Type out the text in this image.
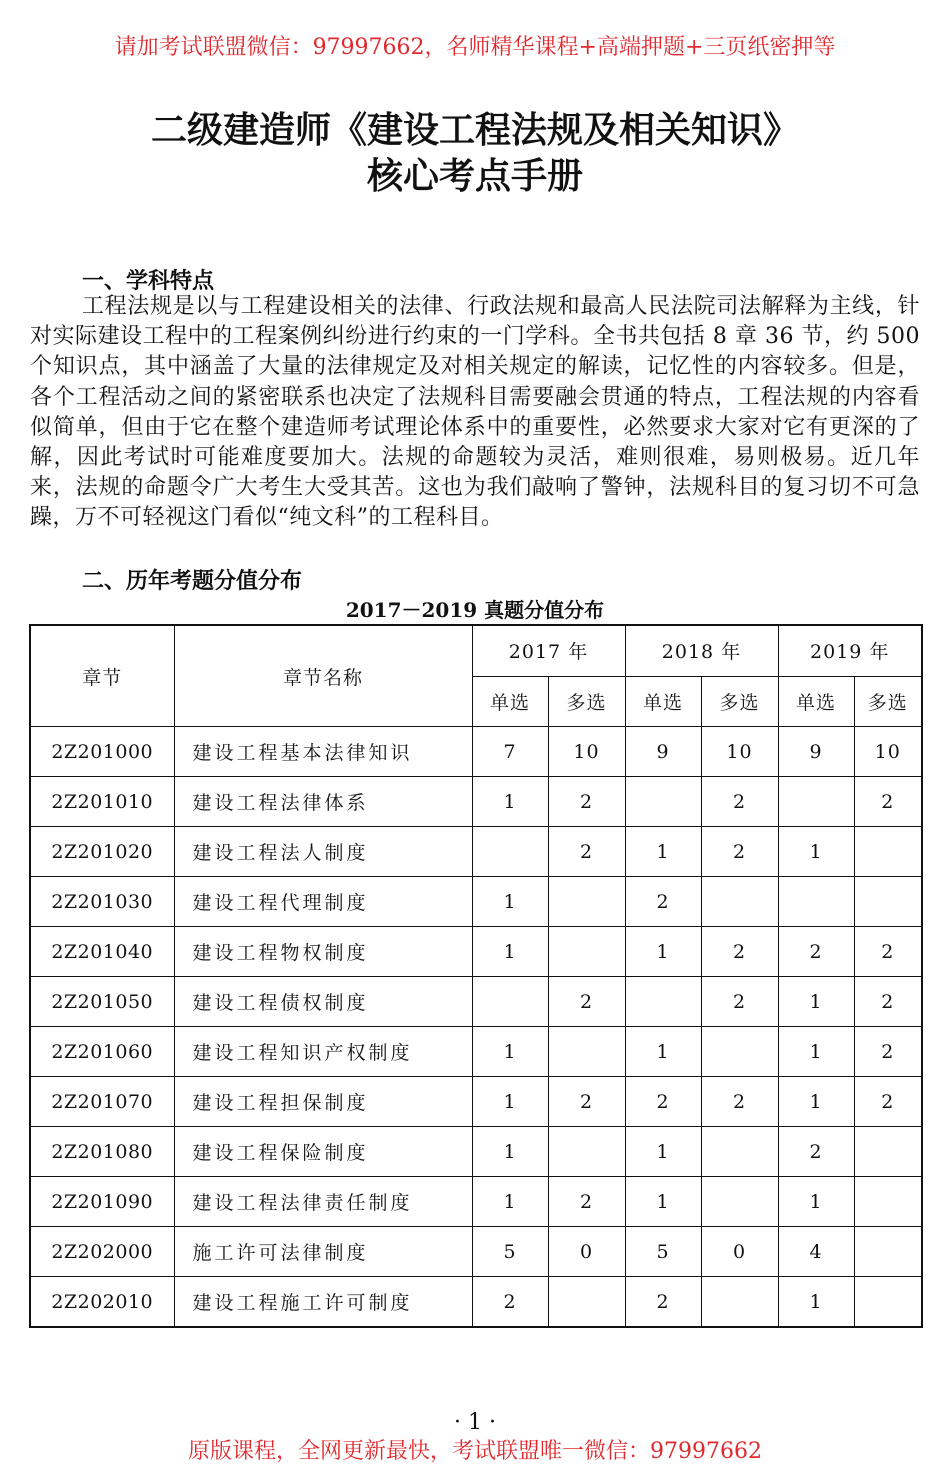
请加考试联盟微信：97997662，名师精华课程+高端押题+三页纸密押等
二级建造师《建设工程法规及相关知识》
核心考点手册
一、学科特点
工程法规是以与工程建设相关的法律、行政法规和最高人民法院司法解释为主线，针对实际建设工程中的工程案例纠纷进行约束的一门学科。全书共包括 8 章 36 节，约 500 个知识点，其中涵盖了大量的法律规定及对相关规定的解读，记忆性的内容较多。但是，各个工程活动之间的紧密联系也决定了法规科目需要融会贯通的特点，工程法规的内容看似简单，但由于它在整个建造师考试理论体系中的重要性，必然要求大家对它有更深的了解，因此考试时可能难度要加大。法规的命题较为灵活，难则很难，易则极易。近几年来，法规的命题令广大考生大受其苦。这也为我们敲响了警钟，法规科目的复习切不可急躁，万不可轻视这门看似“纯文科”的工程科目。
二、历年考题分值分布
2017－2019 真题分值分布
章节	章节名称	2017 年		2018 年		2019 年	
		单选	多选	单选	多选	单选	多选
2Z201000	建设工程基本法律知识	7	10	9	10	9	10
2Z201010	建设工程法律体系	1	2		2		2
2Z201020	建设工程法人制度		2	1	2	1	
2Z201030	建设工程代理制度	1		2			
2Z201040	建设工程物权制度	1		1	2	2	2
2Z201050	建设工程债权制度		2		2	1	2
2Z201060	建设工程知识产权制度	1		1		1	2
2Z201070	建设工程担保制度	1	2	2	2	1	2
2Z201080	建设工程保险制度	1		1		2	
2Z201090	建设工程法律责任制度	1	2	1		1	
2Z202000	施工许可法律制度	5	0	5	0	4	
2Z202010	建设工程施工许可制度	2		2		1	
· 1 ·
原版课程，全网更新最快，考试联盟唯一微信：97997662
